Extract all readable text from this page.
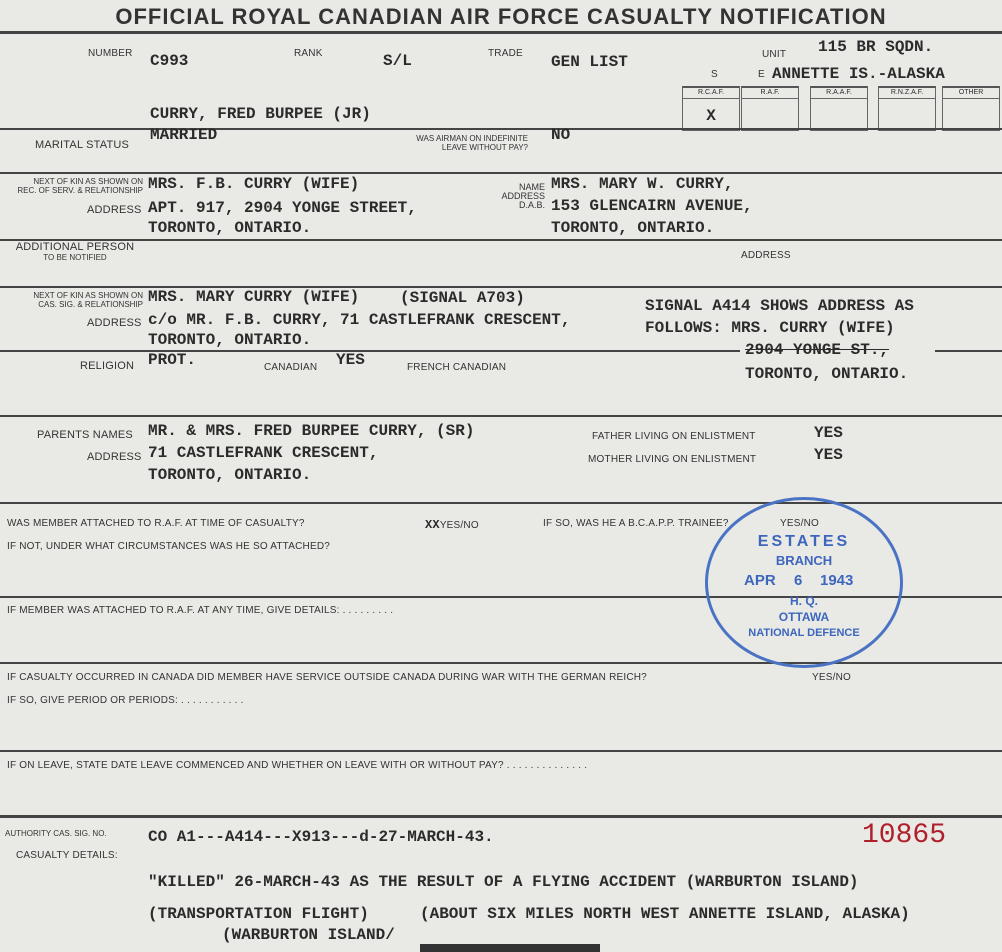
OFFICIAL ROYAL CANADIAN AIR FORCE CASUALTY NOTIFICATION
NUMBER C993	RANK	S/L	TRADE GEN LIST	UNIT 115 BR SQDN.
S	E ANNETTE IS.-ALASKA
R.C.A.F.
X
R.A.F.	R.A.A.F.	R.N.Z.A.F.	OTHER
CURRY, FRED BURPEE (JR)
MARITAL STATUS
MARRIED	WAS AIRMAN ON INDEFINITE
LEAVE WITHOUT PAY?
NO
NEXT OF KIN AS SHOWN ON
REC. OF SERV. & RELATIONSHIP MRS. F.B. CURRY (WIFE)
ADDRESS APT. 917, 2904 YONGE STREET,
TORONTO, ONTARIO.
NAME
ADDRESS
D.A.B.
MRS. MARY W. CURRY,
153 GLENCAIRN AVENUE,
TORONTO, ONTARIO.
ADDITIONAL PERSON
TO BE NOTIFIED	ADDRESS
NEXT OF KIN AS SHOWN ON
CAS. SIG. & RELATIONSHIP MRS. MARY CURRY (WIFE)	(SIGNAL A703)
ADDRESS c/o MR. F.B. CURRY, 71 CASTLEFRANK CRESCENT,
TORONTO, ONTARIO.
SIGNAL A414 SHOWS ADDRESS AS
FOLLOWS: MRS. CURRY (WIFE)
2904 YONGE ST.,
TORONTO, ONTARIO.
RELIGION PROT.	CANADIAN YES	FRENCH CANADIAN
PARENTS NAMES MR. & MRS. FRED BURPEE CURRY, (SR)
ADDRESS 71 CASTLEFRANK CRESCENT,
TORONTO, ONTARIO.
FATHER LIVING ON ENLISTMENT	YES
MOTHER LIVING ON ENLISTMENT	YES
WAS MEMBER ATTACHED TO R.A.F. AT TIME OF CASUALTY?	XXYES/NO	IF SO, WAS HE A B.C.A.P.P. TRAINEE?	YES/NO
IF NOT, UNDER WHAT CIRCUMSTANCES WAS HE SO ATTACHED?
IF MEMBER WAS ATTACHED TO R.A.F. AT ANY TIME, GIVE DETAILS: . . . . . . . . .
IF CASUALTY OCCURRED IN CANADA DID MEMBER HAVE SERVICE OUTSIDE CANADA DURING WAR WITH THE GERMAN REICH?	YES/NO
IF SO, GIVE PERIOD OR PERIODS: . . . . . . . . . . .
IF ON LEAVE, STATE DATE LEAVE COMMENCED AND WHETHER ON LEAVE WITH OR WITHOUT PAY? . . . . . . . . . . . . . .
ESTATES
BRANCH
APR 6 1943
H. Q.
OTTAWA
NATIONAL DEFENCE
AUTHORITY CAS. SIG. NO.	CO A1---A414---X913---d-27-MARCH-43.	10865
CASUALTY DETAILS:
"KILLED" 26-MARCH-43 AS THE RESULT OF A FLYING ACCIDENT (WARBURTON ISLAND)
(TRANSPORTATION FLIGHT)	(ABOUT SIX MILES NORTH WEST ANNETTE ISLAND, ALASKA)
(WARBURTON ISLAND/
